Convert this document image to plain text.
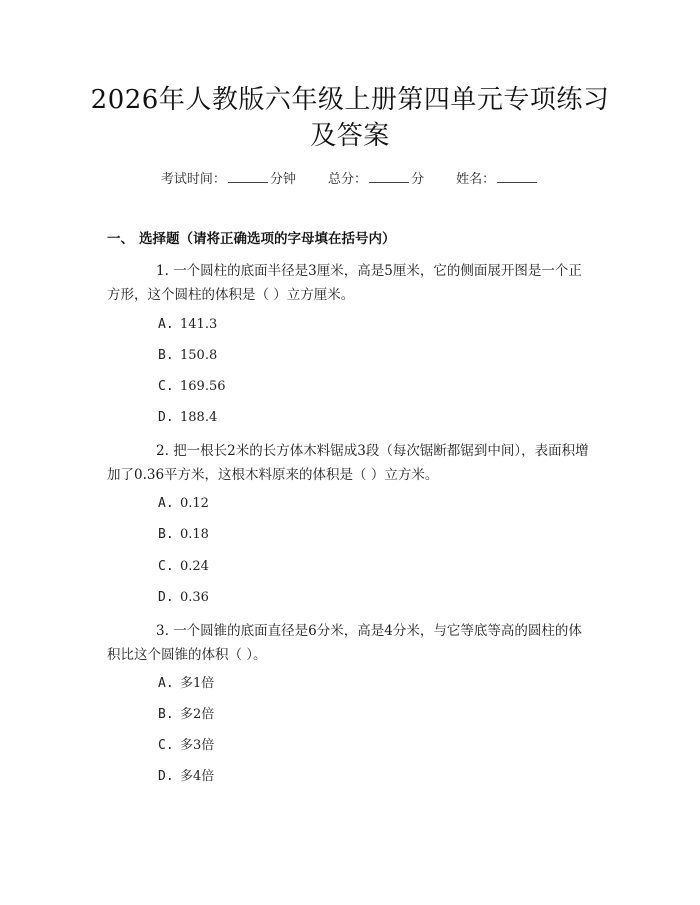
2026年人教版六年级上册第四单元专项练习
及答案
考试时间：	分钟 总分：	分 姓名：
一、 选择题（请将正确选项的字母填在括号内）
1. 一个圆柱的底面半径是3厘米，高是5厘米，它的侧面展开图是一个正方形，这个圆柱的体积是（ ）立方厘米。
A. 141.3
B. 150.8
C. 169.56
D. 188.4
2. 把一根长2米的长方体木料锯成3段（每次锯断都锯到中间），表面积增加了0.36平方米，这根木料原来的体积是（ ）立方米。
A. 0.12
B. 0.18
C. 0.24
D. 0.36
3. 一个圆锥的底面直径是6分米，高是4分米，与它等底等高的圆柱的体积比这个圆锥的体积（ ）。
A. 多1倍
B. 多2倍
C. 多3倍
D. 多4倍
